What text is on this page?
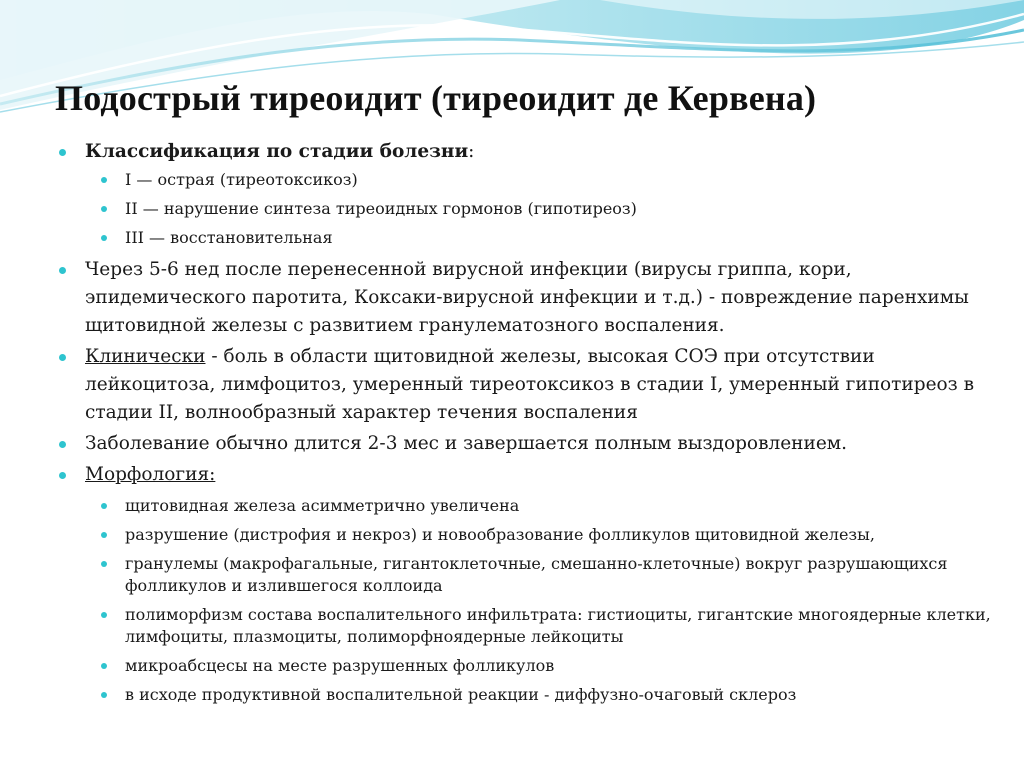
Подострый тиреоидит (тиреоидит де Кервена)
Классификация по стадии болезни:
I — острая (тиреотоксикоз)
II — нарушение синтеза тиреоидных гормонов (гипотиреоз)
III — восстановительная
Через 5-6 нед после перенесенной вирусной инфекции (вирусы гриппа, кори, эпидемического паротита, Коксаки-вирусной инфекции и т.д.) - повреждение паренхимы щитовидной железы с развитием гранулематозного воспаления.
Клинически - боль в области щитовидной железы, высокая СОЭ при отсутствии лейкоцитоза, лимфоцитоз, умеренный тиреотоксикоз в стадии I, умеренный гипотиреоз в стадии II, волнообразный характер течения воспаления
Заболевание обычно длится 2-3 мес и завершается полным выздоровлением.
Морфология:
щитовидная железа асимметрично увеличена
разрушение (дистрофия и некроз) и новообразование фолликулов щитовидной железы,
гранулемы (макрофагальные, гигантоклеточные, смешанно-клеточные) вокруг разрушающихся фолликулов и излившегося коллоида
полиморфизм состава воспалительного инфильтрата: гистиоциты, гигантские многоядерные клетки, лимфоциты, плазмоциты, полиморфноядерные лейкоциты
микроабсцесы на месте разрушенных фолликулов
в исходе продуктивной воспалительной реакции - диффузно-очаговый склероз
